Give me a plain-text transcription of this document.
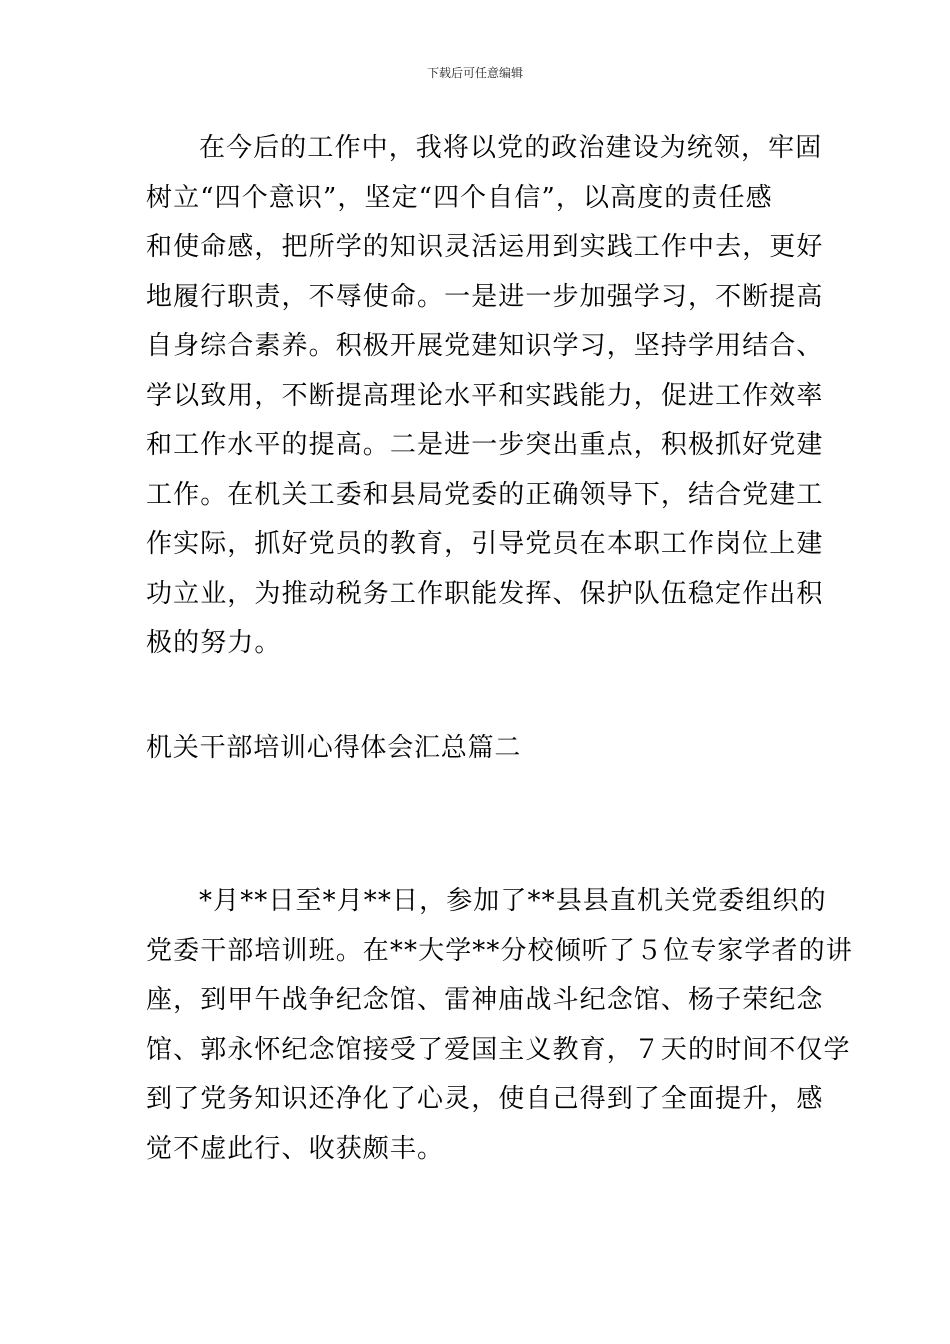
下载后可任意编辑
在今后的工作中，我将以党的政治建设为统领，牢固
树立“四个意识”，坚定“四个自信”，以高度的责任感
和使命感，把所学的知识灵活运用到实践工作中去，更好
地履行职责，不辱使命。一是进一步加强学习，不断提高
自身综合素养。积极开展党建知识学习，坚持学用结合、
学以致用，不断提高理论水平和实践能力，促进工作效率
和工作水平的提高。二是进一步突出重点，积极抓好党建
工作。在机关工委和县局党委的正确领导下，结合党建工
作实际，抓好党员的教育，引导党员在本职工作岗位上建
功立业，为推动税务工作职能发挥、保护队伍稳定作出积
极的努力。
机关干部培训心得体会汇总篇二
*月**日至*月**日，参加了**县县直机关党委组织的
党委干部培训班。在**大学**分校倾听了５位专家学者的讲
座，到甲午战争纪念馆、雷神庙战斗纪念馆、杨子荣纪念
馆、郭永怀纪念馆接受了爱国主义教育，７天的时间不仅学
到了党务知识还净化了心灵，使自己得到了全面提升，感
觉不虚此行、收获颇丰。
